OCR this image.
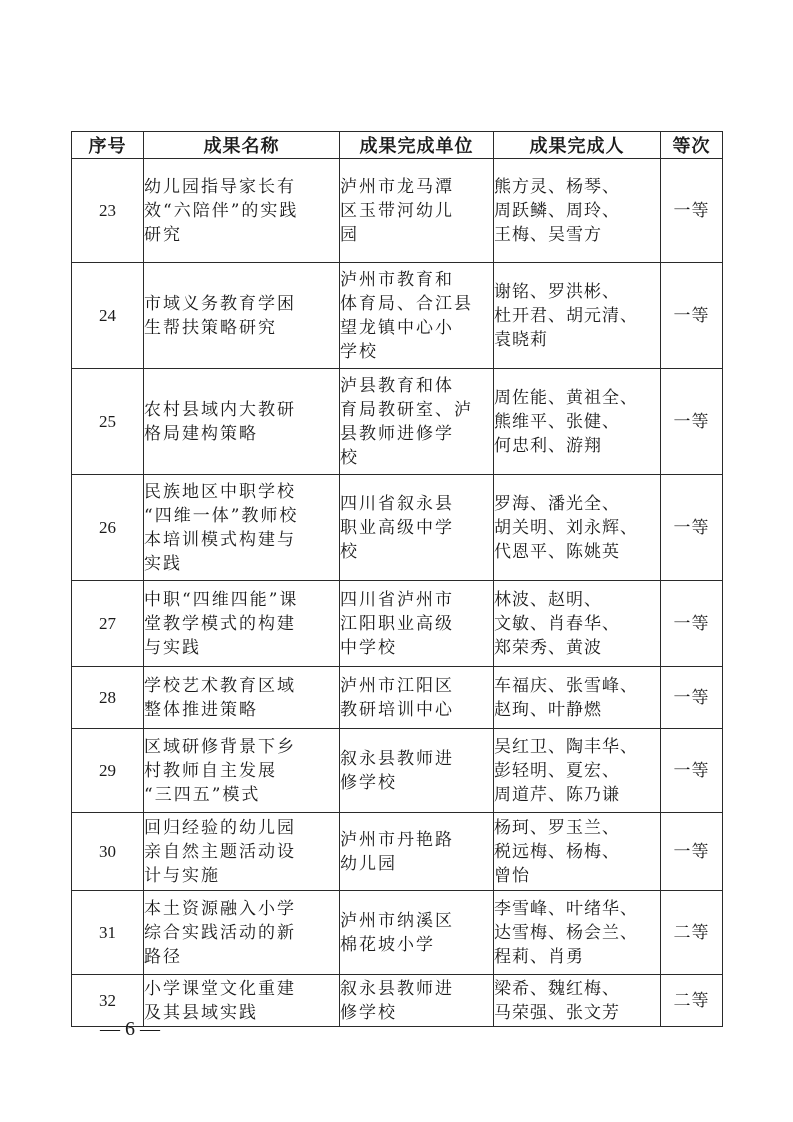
序号	成果名称	成果完成单位	成果完成人	等次

23	幼儿园指导家长有
效“六陪伴”的实践
研究	泸州市龙马潭
区玉带河幼儿
园	熊方灵、杨琴、
周跃鳞、周玲、
王梅、吴雪方	一等

24	市域义务教育学困
生帮扶策略研究	泸州市教育和
体育局、合江县
望龙镇中心小
学校	谢铭、罗洪彬、
杜开君、胡元清、
袁晓莉	一等

25	农村县域内大教研
格局建构策略	泸县教育和体
育局教研室、泸
县教师进修学
校	周佐能、黄祖全、
熊维平、张健、
何忠利、游翔	一等

26	民族地区中职学校
“四维一体”教师校
本培训模式构建与
实践	四川省叙永县
职业高级中学
校	罗海、潘光全、
胡关明、刘永辉、
代恩平、陈姚英	一等

27	中职“四维四能”课
堂教学模式的构建
与实践	四川省泸州市
江阳职业高级
中学校	林波、赵明、
文敏、肖春华、
郑荣秀、黄波	一等

28	学校艺术教育区域
整体推进策略	泸州市江阳区
教研培训中心	车福庆、张雪峰、
赵珣、叶静燃	一等

29	区域研修背景下乡
村教师自主发展
“三四五”模式	叙永县教师进
修学校	吴红卫、陶丰华、
彭轻明、夏宏、
周道芹、陈乃谦	一等

30	回归经验的幼儿园
亲自然主题活动设
计与实施	泸州市丹艳路
幼儿园	杨珂、罗玉兰、
税远梅、杨梅、
曾怡	一等

31	本土资源融入小学
综合实践活动的新
路径	泸州市纳溪区
棉花坡小学	李雪峰、叶绪华、
达雪梅、杨会兰、
程莉、肖勇	二等

32	小学课堂文化重建
及其县域实践	叙永县教师进
修学校	梁希、魏红梅、
马荣强、张文芳	二等
— 6 —
